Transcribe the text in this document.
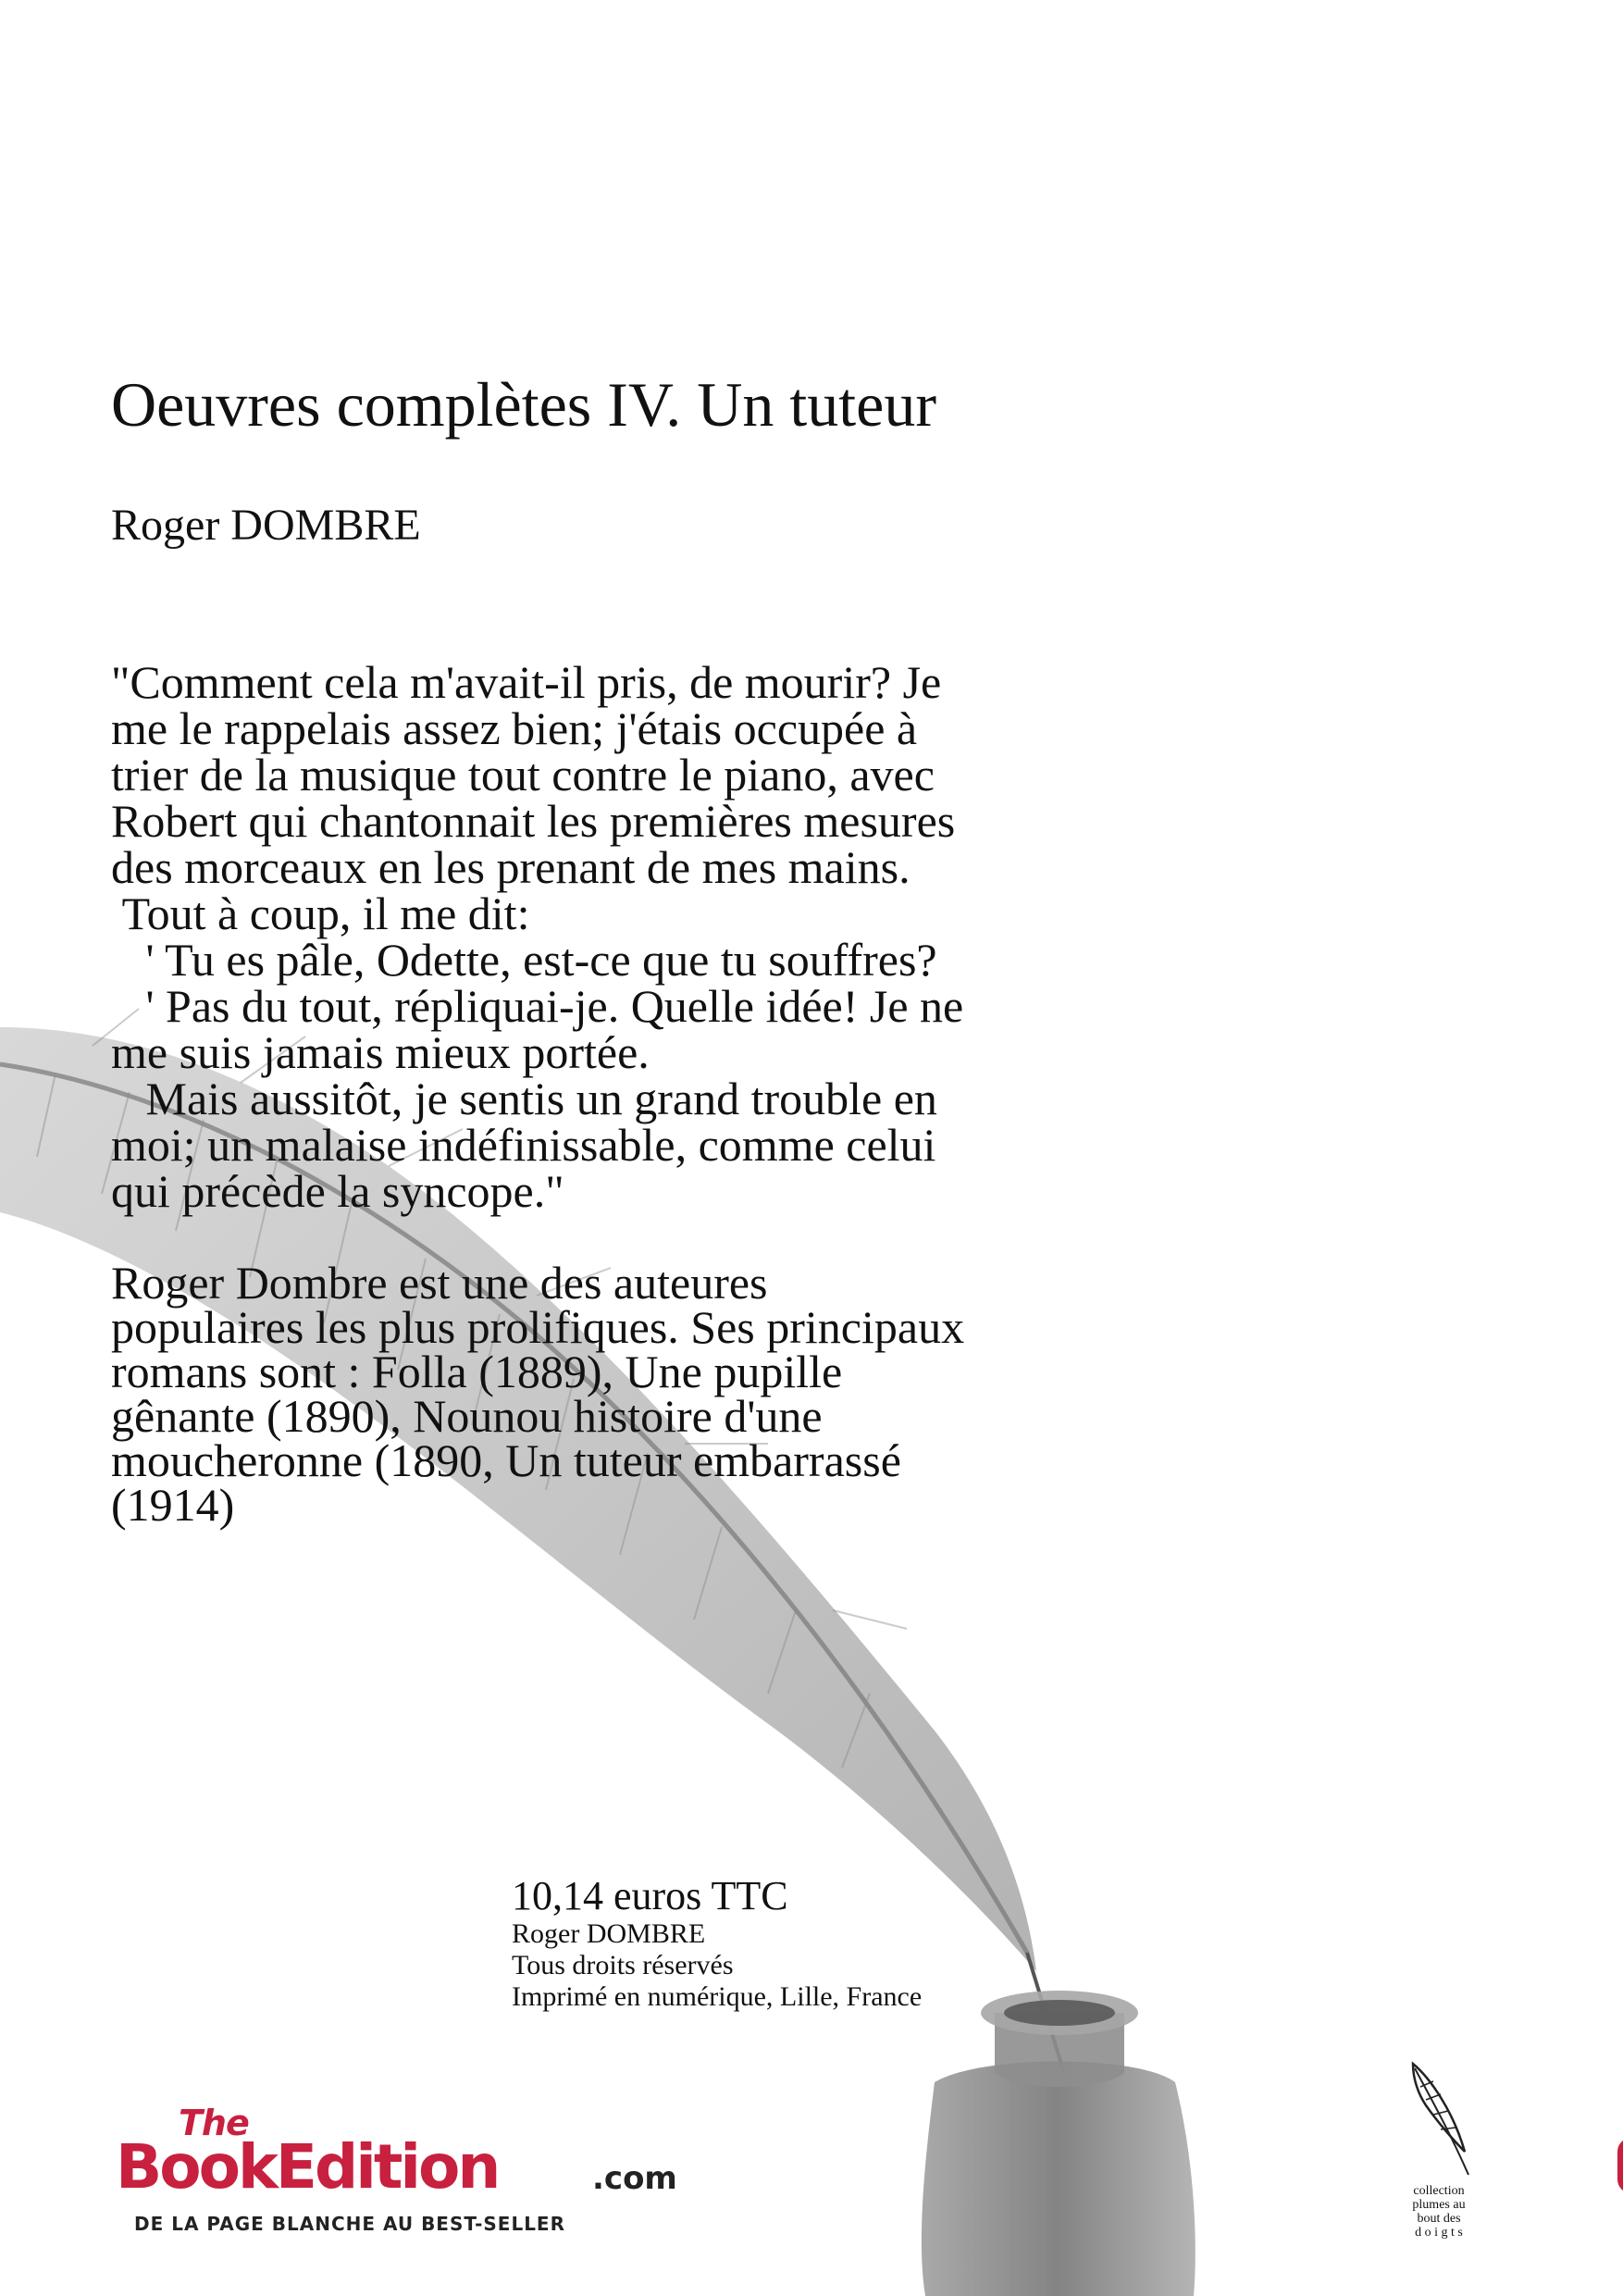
Oeuvres complètes IV. Un tuteur

Roger DOMBRE

"Comment cela m'avait-il pris, de mourir? Je
me le rappelais assez bien; j'étais occupée à
trier de la musique tout contre le piano, avec
Robert qui chantonnait les premières mesures
des morceaux en les prenant de mes mains.
Tout à coup, il me dit:
' Tu es pâle, Odette, est-ce que tu souffres?
' Pas du tout, répliquai-je. Quelle idée! Je ne
me suis jamais mieux portée.
Mais aussitôt, je sentis un grand trouble en
moi; un malaise indéfinissable, comme celui
qui précède la syncope."
Roger Dombre est une des auteures
populaires les plus prolifiques. Ses principaux
romans sont : Folla (1889), Une pupille
gênante (1890), Nounou histoire d'une
moucheronne (1890, Un tuteur embarrassé
(1914)
10,14 euros TTC
Roger DOMBRE
Tous droits réservés
Imprimé en numérique, Lille, France
The
BookEdition	.com
DE LA PAGE BLANCHE AU BEST-SELLER
collection
plumes au
bout des
d o i g t s
